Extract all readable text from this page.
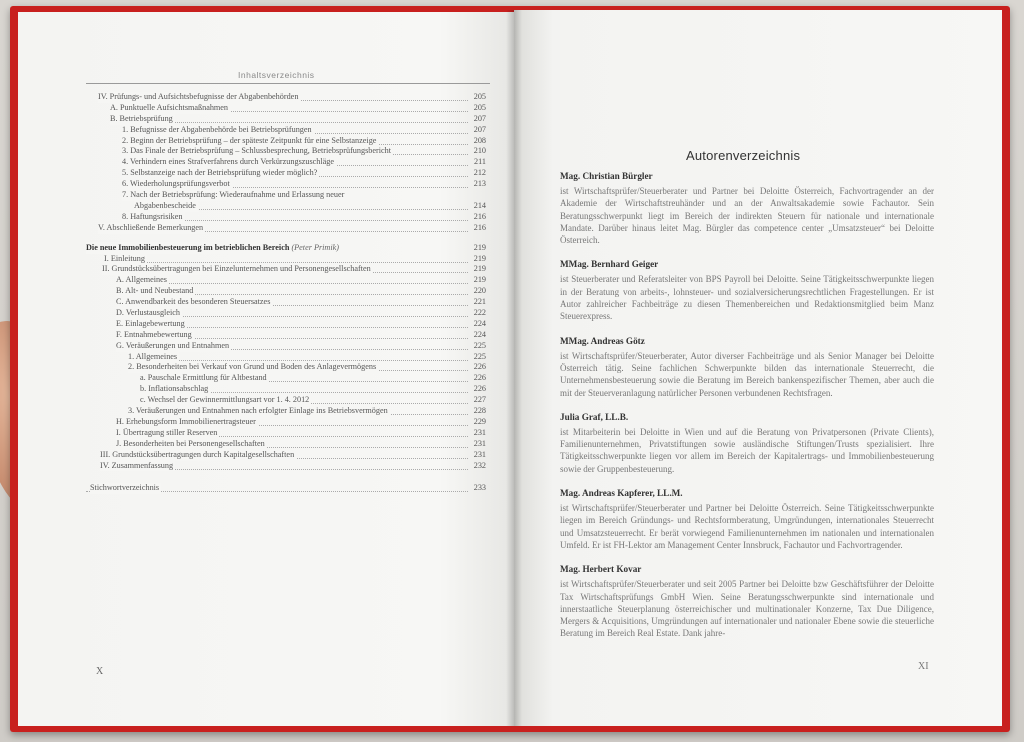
Inhaltsverzeichnis
IV. Prüfungs- und Aufsichtsbefugnisse der Abgabenbehörden	205
A. Punktuelle Aufsichtsmaßnahmen	205
B. Betriebsprüfung	207
1. Befugnisse der Abgabenbehörde bei Betriebsprüfungen	207
2. Beginn der Betriebsprüfung – der späteste Zeitpunkt für eine Selbstanzeige	208
3. Das Finale der Betriebsprüfung – Schlussbesprechung, Betriebsprüfungsbericht	210
4. Verhindern eines Strafverfahrens durch Verkürzungszuschläge	211
5. Selbstanzeige nach der Betriebsprüfung wieder möglich?	212
6. Wiederholungsprüfungsverbot	213
7. Nach der Betriebsprüfung: Wiederaufnahme und Erlassung neuer
Abgabenbescheide	214
8. Haftungsrisiken	216
V. Abschließende Bemerkungen	216
Die neue Immobilienbesteuerung im betrieblichen Bereich (Peter Primik)	219
I. Einleitung	219
II. Grundstücksübertragungen bei Einzelunternehmen und Personengesellschaften	219
A. Allgemeines	219
B. Alt- und Neubestand	220
C. Anwendbarkeit des besonderen Steuersatzes	221
D. Verlustausgleich	222
E. Einlagebewertung	224
F. Entnahmebewertung	224
G. Veräußerungen und Entnahmen	225
1. Allgemeines	225
2. Besonderheiten bei Verkauf von Grund und Boden des Anlagevermögens	226
a. Pauschale Ermittlung für Altbestand	226
b. Inflationsabschlag	226
c. Wechsel der Gewinnermittlungsart vor 1. 4. 2012	227
3. Veräußerungen und Entnahmen nach erfolgter Einlage ins Betriebsvermögen	228
H. Erhebungsform Immobilienertragsteuer	229
I. Übertragung stiller Reserven	231
J. Besonderheiten bei Personengesellschaften	231
III. Grundstücksübertragungen durch Kapitalgesellschaften	231
IV. Zusammenfassung	232
Stichwortverzeichnis	233
X
Autorenverzeichnis
Mag. Christian Bürgler
ist Wirtschaftsprüfer/Steuerberater und Partner bei Deloitte Österreich, Fachvortragender an der Akademie der Wirtschaftstreuhänder und an der Anwaltsakademie sowie Fachautor. Sein Beratungsschwerpunkt liegt im Bereich der indirekten Steuern für nationale und internationale Mandate. Darüber hinaus leitet Mag. Bürgler das competence center „Umsatzsteuer“ bei Deloitte Österreich.
MMag. Bernhard Geiger
ist Steuerberater und Referatsleiter von BPS Payroll bei Deloitte. Seine Tätigkeitsschwerpunkte liegen in der Beratung von arbeits-, lohnsteuer- und sozialversicherungsrechtlichen Fragestellungen. Er ist Autor zahlreicher Fachbeiträge zu diesen Themenbereichen und Redaktionsmitglied beim Manz Steuerexpress.
MMag. Andreas Götz
ist Wirtschaftsprüfer/Steuerberater, Autor diverser Fachbeiträge und als Senior Manager bei Deloitte Österreich tätig. Seine fachlichen Schwerpunkte bilden das internationale Steuerrecht, die Unternehmensbesteuerung sowie die Beratung im Bereich bankenspezifischer Themen, aber auch die mit der Steuerveranlagung natürlicher Personen verbundenen Rechtsfragen.
Julia Graf, LL.B.
ist Mitarbeiterin bei Deloitte in Wien und auf die Beratung von Privatpersonen (Private Clients), Familienunternehmen, Privatstiftungen sowie ausländische Stiftungen/Trusts spezialisiert. Ihre Tätigkeitsschwerpunkte liegen vor allem im Bereich der Kapitalertrags- und Immobilienbesteuerung sowie der Gruppenbesteuerung.
Mag. Andreas Kapferer, LL.M.
ist Wirtschaftsprüfer/Steuerberater und Partner bei Deloitte Österreich. Seine Tätigkeitsschwerpunkte liegen im Bereich Gründungs- und Rechtsformberatung, Umgründungen, internationales Steuerrecht und Umsatzsteuerrecht. Er berät vorwiegend Familienunternehmen im nationalen und internationalen Umfeld. Er ist FH-Lektor am Management Center Innsbruck, Fachautor und Fachvortragender.
Mag. Herbert Kovar
ist Wirtschaftsprüfer/Steuerberater und seit 2005 Partner bei Deloitte bzw Geschäftsführer der Deloitte Tax Wirtschaftsprüfungs GmbH Wien. Seine Beratungsschwerpunkte sind internationale und innerstaatliche Steuerplanung österreichischer und multinationaler Konzerne, Tax Due Diligence, Mergers & Acquisitions, Umgründungen auf internationaler und nationaler Ebene sowie die steuerliche Beratung im Bereich Real Estate. Dank jahre-
XI
